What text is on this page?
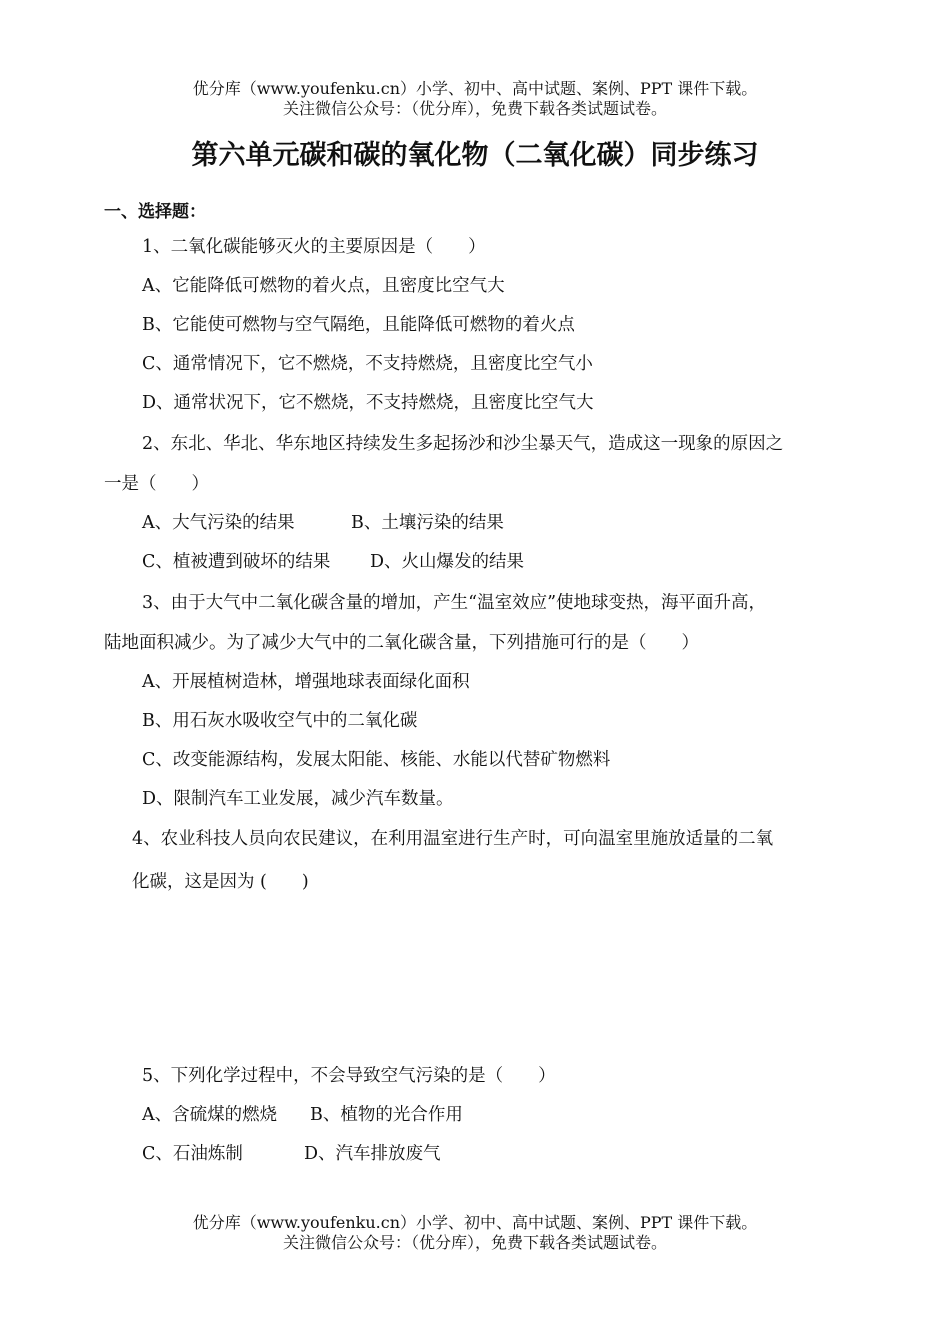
优分库（www.youfenku.cn）小学、初中、高中试题、案例、PPT 课件下载。
关注微信公众号：（优分库），免费下载各类试题试卷。
第六单元碳和碳的氧化物（二氧化碳）同步练习
一、选择题：
1、二氧化碳能够灭火的主要原因是（　　）
A、它能降低可燃物的着火点，且密度比空气大
B、它能使可燃物与空气隔绝，且能降低可燃物的着火点
C、通常情况下，它不燃烧，不支持燃烧，且密度比空气小
D、通常状况下，它不燃烧，不支持燃烧，且密度比空气大
2、东北、华北、华东地区持续发生多起扬沙和沙尘暴天气，造成这一现象的原因之
一是（　　）
A、大气污染的结果	B、土壤污染的结果
C、植被遭到破坏的结果 D、火山爆发的结果
3、由于大气中二氧化碳含量的增加，产生“温室效应”使地球变热，海平面升高，
陆地面积减少。为了减少大气中的二氧化碳含量，下列措施可行的是（　　）
A、开展植树造林，增强地球表面绿化面积
B、用石灰水吸收空气中的二氧化碳
C、改变能源结构，发展太阳能、核能、水能以代替矿物燃料
D、限制汽车工业发展，减少汽车数量。
4、农业科技人员向农民建议，在利用温室进行生产时，可向温室里施放适量的二氧
化碳，这是因为 (　　)
5、下列化学过程中，不会导致空气污染的是（　　）
A、含硫煤的燃烧 B、植物的光合作用
C、石油炼制	D、汽车排放废气
优分库（www.youfenku.cn）小学、初中、高中试题、案例、PPT 课件下载。
关注微信公众号：（优分库），免费下载各类试题试卷。
